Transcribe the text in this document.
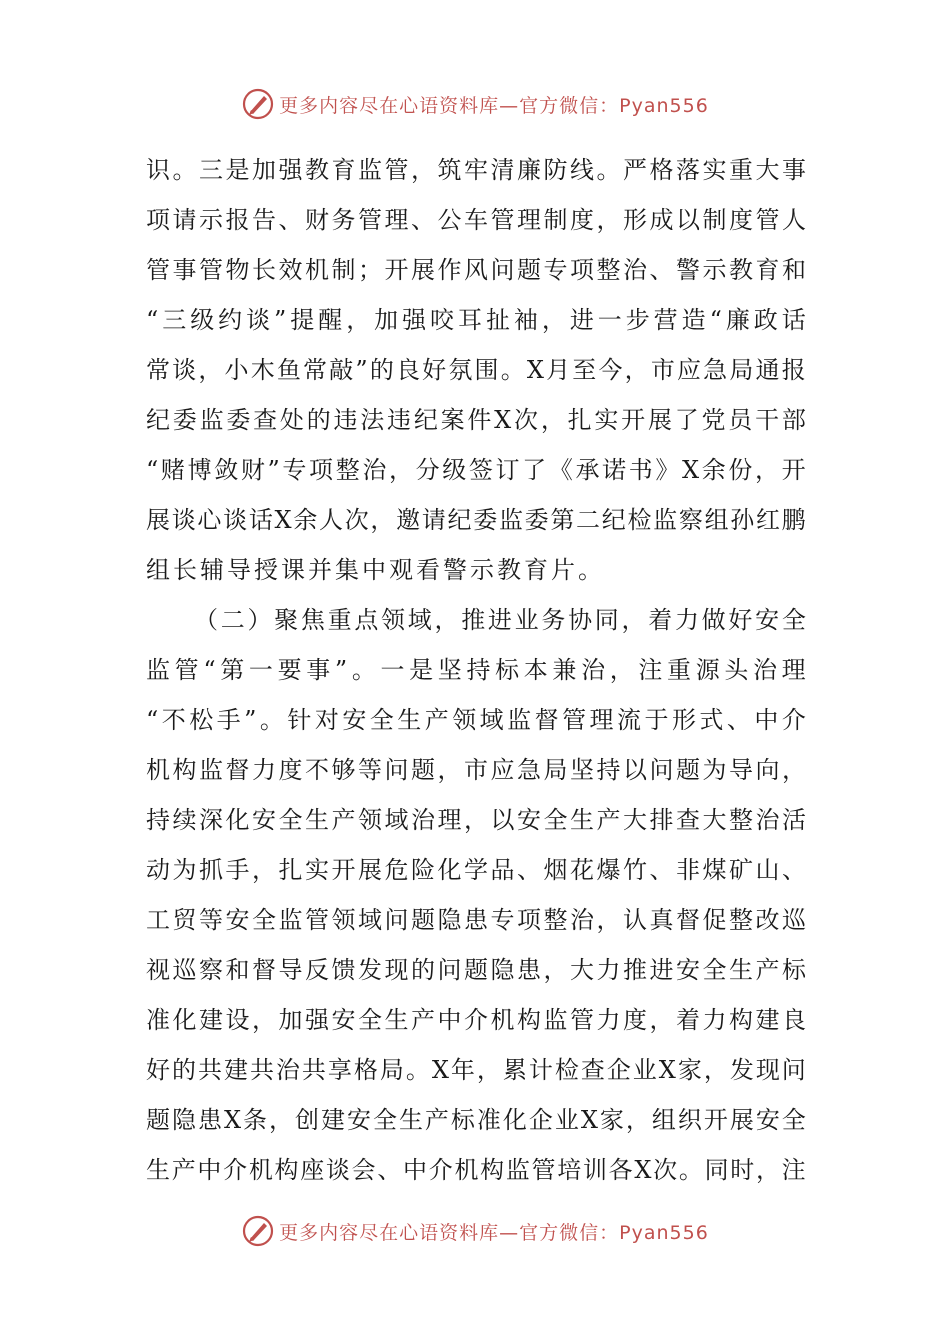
更多内容尽在心语资料库—官方微信：Pyan556
识 。 三 是 加 强 教 育 监 管 ， 筑 牢 清 廉 防 线 。 严 格 落 实 重 大 事
项 请 示 报 告 、 财 务 管 理 、 公 车 管 理 制 度 ， 形 成 以 制 度 管 人
管 事 管 物 长 效 机 制 ； 开 展 作 风 问 题 专 项 整 治 、 警 示 教 育 和
“ 三 级 约 谈 ” 提 醒 ， 加 强 咬 耳 扯 袖 ， 进 一 步 营 造 “ 廉 政 话
常 谈 ， 小 木 鱼 常 敲 ” 的 良 好 氛 围 。 X 月 至 今 ， 市 应 急 局 通 报
纪 委 监 委 查 处 的 违 法 违 纪 案 件 X 次 ， 扎 实 开 展 了 党 员 干 部
“ 赌 博 敛 财 ” 专 项 整 治 ， 分 级 签 订 了 《 承 诺 书 》 X 余 份 ， 开
展 谈 心 谈 话 X 余 人 次 ， 邀 请 纪 委 监 委 第 二 纪 检 监 察 组 孙 红 鹏
组长辅导授课并集中观看警示教育片。
（ 二 ） 聚 焦 重 点 领 域 ， 推 进 业 务 协 同 ， 着 力 做 好 安 全
监 管 “ 第 一 要 事 ” 。 一 是 坚 持 标 本 兼 治 ， 注 重 源 头 治 理
“ 不 松 手 ” 。 针 对 安 全 生 产 领 域 监 督 管 理 流 于 形 式 、 中 介
机 构 监 督 力 度 不 够 等 问 题 ， 市 应 急 局 坚 持 以 问 题 为 导 向 ，
持 续 深 化 安 全 生 产 领 域 治 理 ， 以 安 全 生 产 大 排 查 大 整 治 活
动 为 抓 手 ， 扎 实 开 展 危 险 化 学 品 、 烟 花 爆 竹 、 非 煤 矿 山 、
工 贸 等 安 全 监 管 领 域 问 题 隐 患 专 项 整 治 ， 认 真 督 促 整 改 巡
视 巡 察 和 督 导 反 馈 发 现 的 问 题 隐 患 ， 大 力 推 进 安 全 生 产 标
准 化 建 设 ， 加 强 安 全 生 产 中 介 机 构 监 管 力 度 ， 着 力 构 建 良
好 的 共 建 共 治 共 享 格 局 。 X 年 ， 累 计 检 查 企 业 X 家 ， 发 现 问
题 隐 患 X 条 ， 创 建 安 全 生 产 标 准 化 企 业 X 家 ， 组 织 开 展 安 全
生 产 中 介 机 构 座 谈 会 、 中 介 机 构 监 管 培 训 各 X 次 。 同 时 ， 注
更多内容尽在心语资料库—官方微信：Pyan556
